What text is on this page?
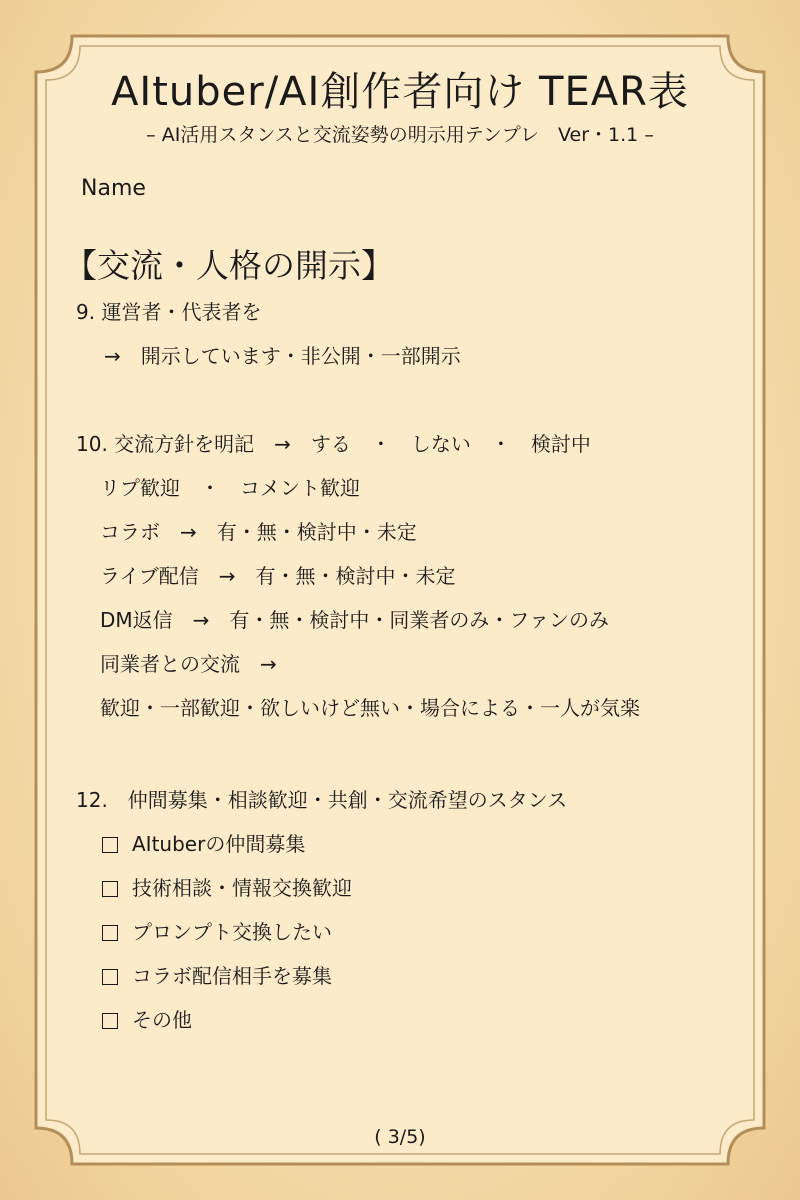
AItuber/AI創作者向け TEAR表
– AI活用スタンスと交流姿勢の明示用テンプレ　Ver・1.1 –
Name
【交流・人格の開示】
9. 運営者・代表者を
→　開示しています・非公開・一部開示
10. 交流方針を明記　→　する　・　しない　・　検討中
リプ歓迎　・　コメント歓迎
コラボ　→　有・無・検討中・未定
ライブ配信　→　有・無・検討中・未定
DM返信　→　有・無・検討中・同業者のみ・ファンのみ
同業者との交流　→
歓迎・一部歓迎・欲しいけど無い・場合による・一人が気楽
12.　仲間募集・相談歓迎・共創・交流希望のスタンス
AItuberの仲間募集
技術相談・情報交換歓迎
プロンプト交換したい
コラボ配信相手を募集
その他
( 3/5)
